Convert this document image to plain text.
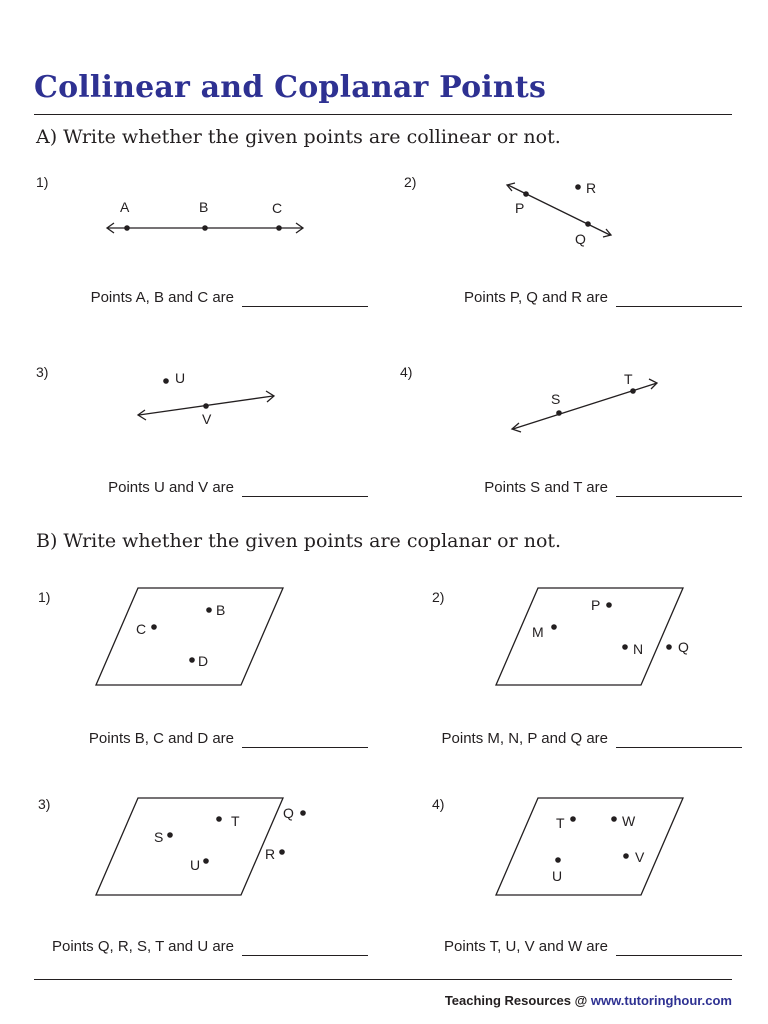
Collinear and Coplanar Points
A) Write whether the given points are collinear or not.
1)
A	B	C
Points A, B and C are
2)
P
R
Q
Points P, Q and R are
3)	U
V
Points U and V are
4)
S
T
Points S and T are
B) Write whether the given points are coplanar or not.
1)
B
C
D
Points B, C and D are
2)	P
M
N Q
Points M, N, P and Q are
3)
Q
T
S
R
U
Points Q, R, S, T and U are
4)
T	W
V
U
Points T, U, V and W are
Teaching Resources @ www.tutoringhour.com
